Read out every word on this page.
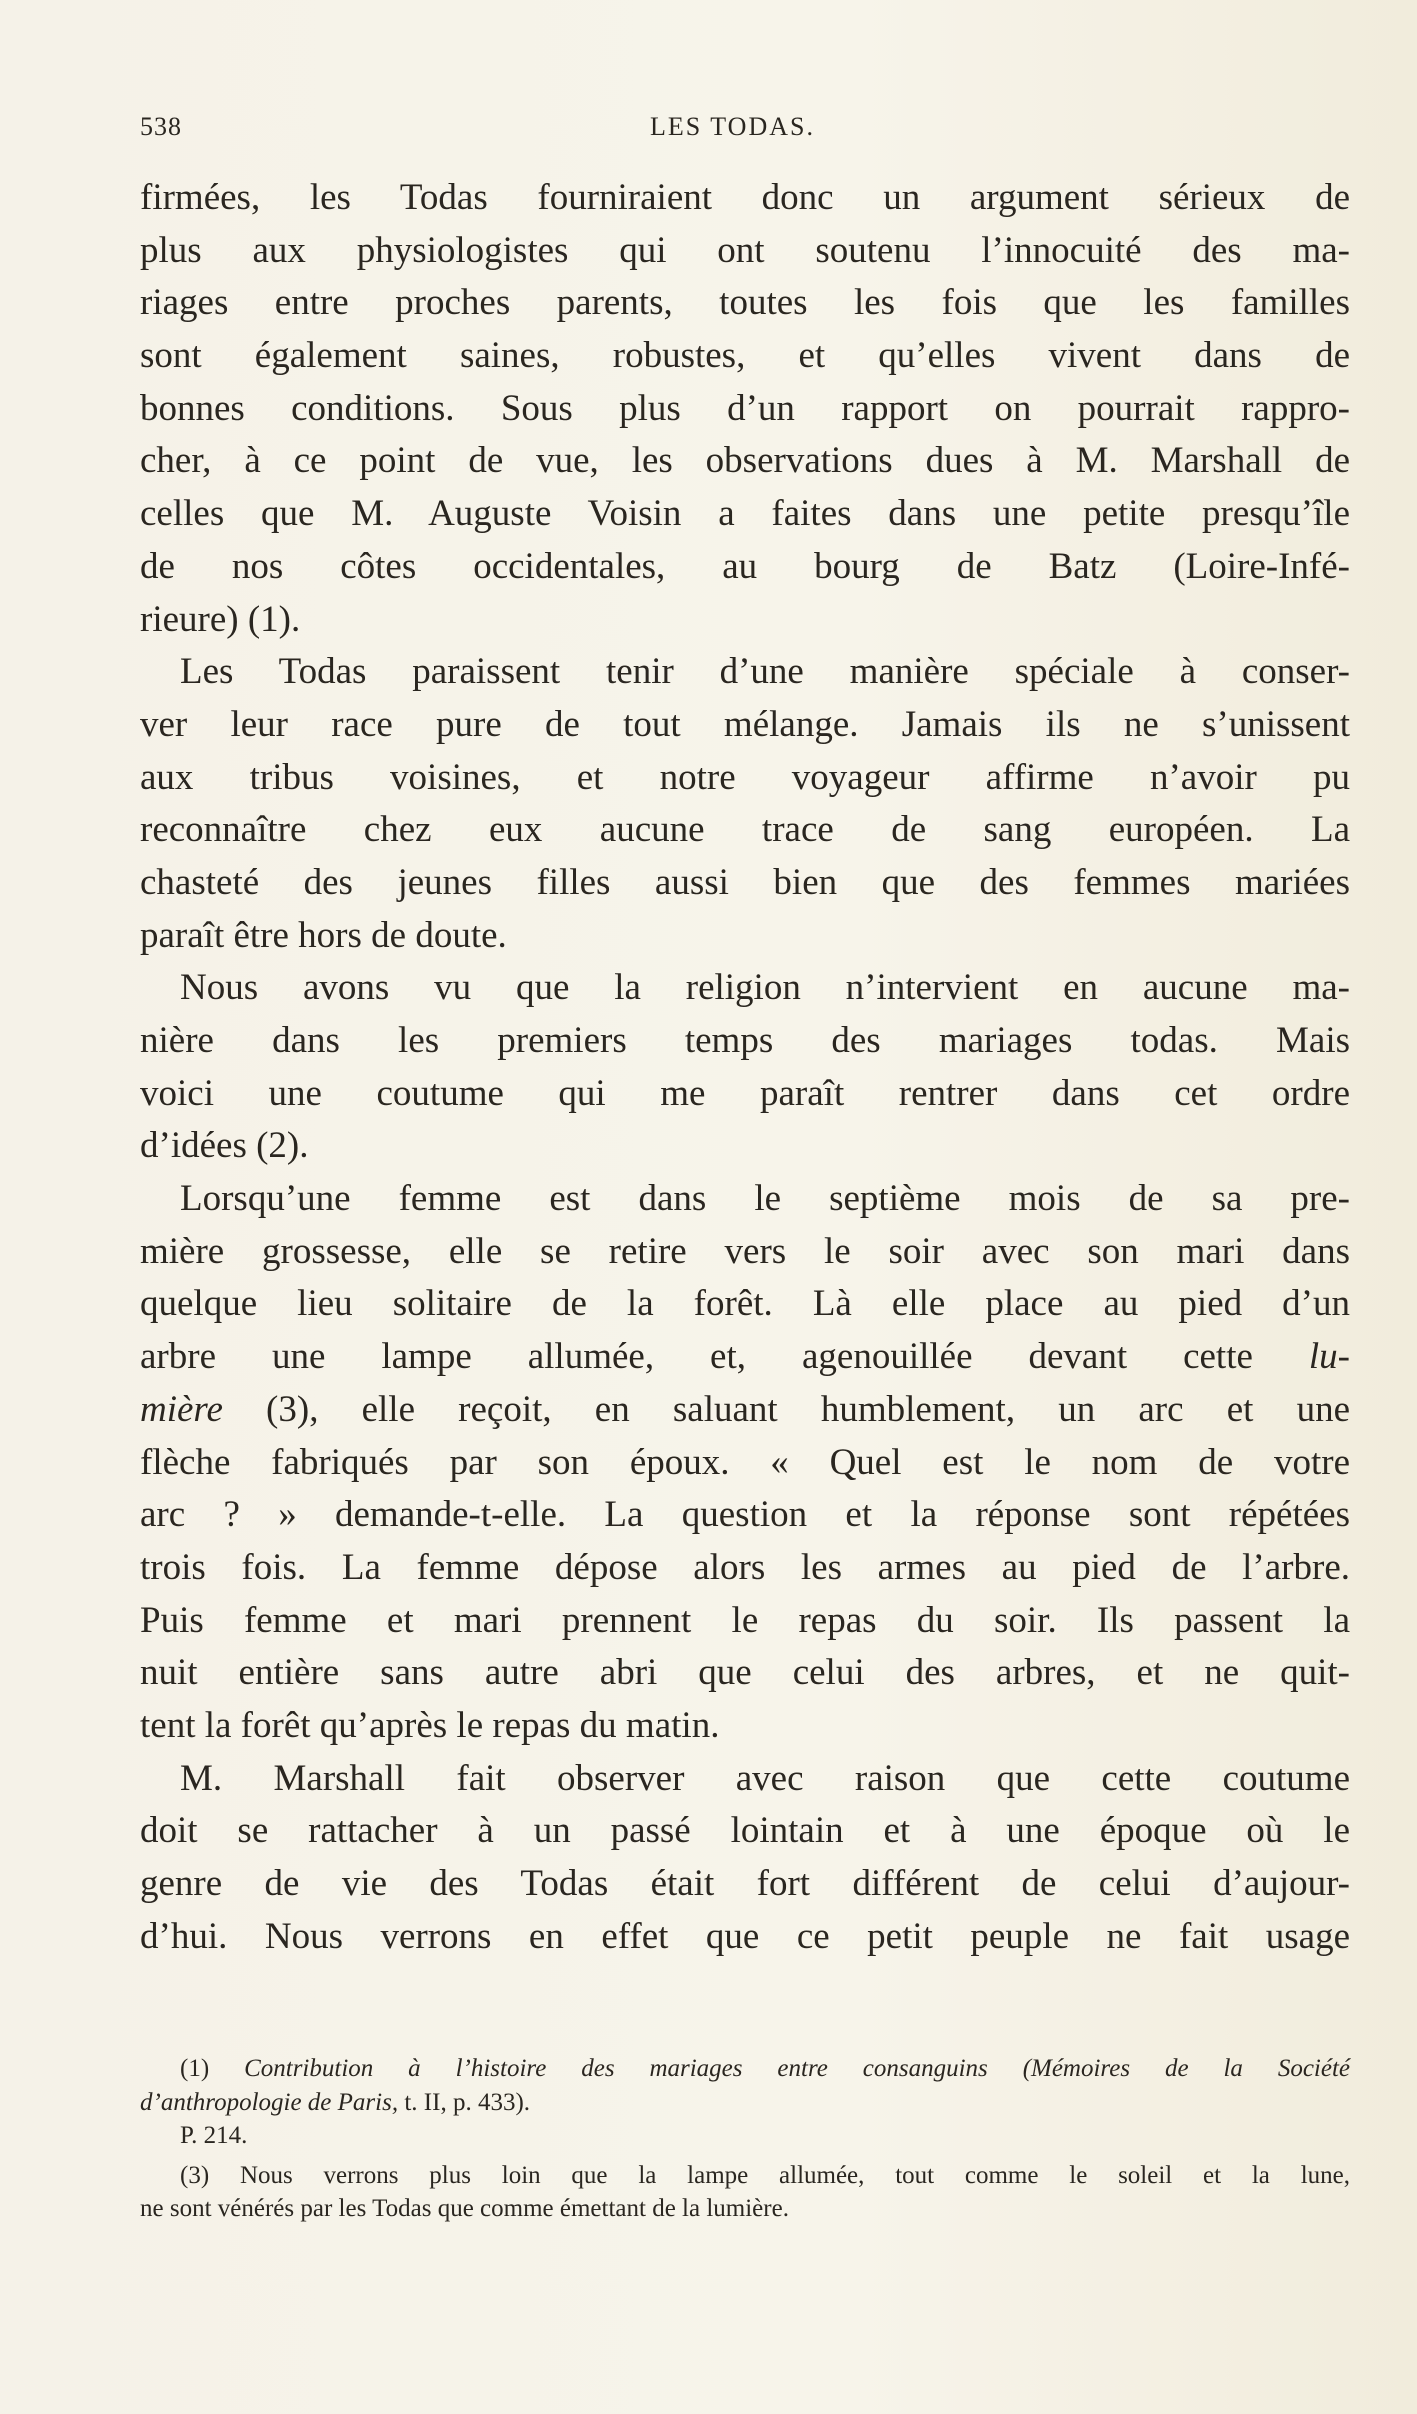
538	LES TODAS.
firmées, les Todas fourniraient donc un argument sérieux de
plus aux physiologistes qui ont soutenu l’innocuité des ma-
riages entre proches parents, toutes les fois que les familles
sont également saines, robustes, et qu’elles vivent dans de
bonnes conditions. Sous plus d’un rapport on pourrait rappro-
cher, à ce point de vue, les observations dues à M. Marshall de
celles que M. Auguste Voisin a faites dans une petite presqu’île
de nos côtes occidentales, au bourg de Batz (Loire-Infé-
rieure) (1).
Les Todas paraissent tenir d’une manière spéciale à conser-
ver leur race pure de tout mélange. Jamais ils ne s’unissent
aux tribus voisines, et notre voyageur affirme n’avoir pu
reconnaître chez eux aucune trace de sang européen. La
chasteté des jeunes filles aussi bien que des femmes mariées
paraît être hors de doute.
Nous avons vu que la religion n’intervient en aucune ma-
nière dans les premiers temps des mariages todas. Mais
voici une coutume qui me paraît rentrer dans cet ordre
d’idées (2).
Lorsqu’une femme est dans le septième mois de sa pre-
mière grossesse, elle se retire vers le soir avec son mari dans
quelque lieu solitaire de la forêt. Là elle place au pied d’un
arbre une lampe allumée, et, agenouillée devant cette lu-
mière (3), elle reçoit, en saluant humblement, un arc et une
flèche fabriqués par son époux. « Quel est le nom de votre
arc ? » demande-t-elle. La question et la réponse sont répétées
trois fois. La femme dépose alors les armes au pied de l’arbre.
Puis femme et mari prennent le repas du soir. Ils passent la
nuit entière sans autre abri que celui des arbres, et ne quit-
tent la forêt qu’après le repas du matin.
M. Marshall fait observer avec raison que cette coutume
doit se rattacher à un passé lointain et à une époque où le
genre de vie des Todas était fort différent de celui d’aujour-
d’hui. Nous verrons en effet que ce petit peuple ne fait usage
(1) Contribution à l’histoire des mariages entre consanguins (Mémoires de la Société
d’anthropologie de Paris, t. II, p. 433).
P. 214.
(3) Nous verrons plus loin que la lampe allumée, tout comme le soleil et la lune,
ne sont vénérés par les Todas que comme émettant de la lumière.
